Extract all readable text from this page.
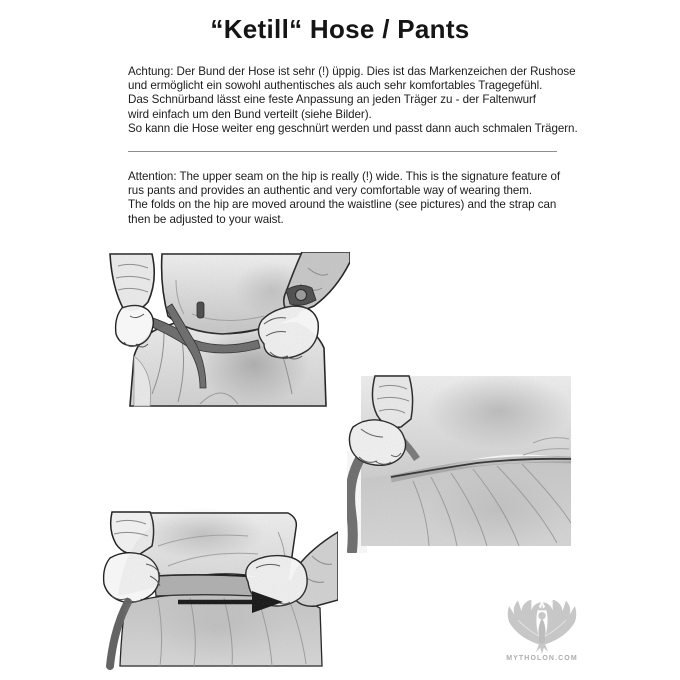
“Ketill“ Hose / Pants
Achtung: Der Bund der Hose ist sehr (!) üppig. Dies ist das Markenzeichen der Rushose
und ermöglicht ein sowohl authentisches als auch sehr komfortables Tragegefühl.
Das Schnürband lässt eine feste Anpassung an jeden Träger zu - der Faltenwurf
wird einfach um den Bund verteilt (siehe Bilder).
So kann die Hose weiter eng geschnürt werden und passt dann auch schmalen Trägern.
Attention: The upper seam on the hip is really (!) wide. This is the signature feature of
rus pants and provides an authentic and very comfortable way of wearing them.
The folds on the hip are moved around the waistline (see pictures) and the strap can
then be adjusted to your waist.
MYTHOLON.COM
